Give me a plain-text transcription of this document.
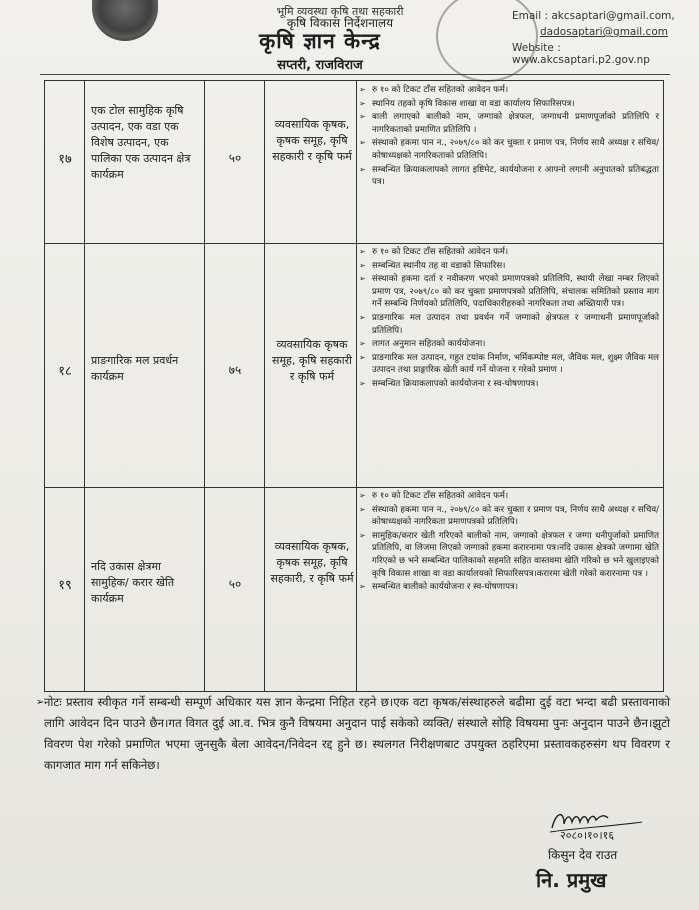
भूमि व्यवस्था कृषि तथा सहकारी
कृषि विकास निर्देशनालय
कृषि ज्ञान केन्द्र
सप्तरी, राजविराज
Email : akcsaptari@gmail.com,
dadosaptari@gmail.com
Website : www.akcsaptari.p2.gov.np
१७
एक टोल सामुहिक कृषि उत्पादन, एक वडा एक विशेष उत्पादन, एक पालिका एक उत्पादन क्षेत्र कार्यक्रम
५०
व्यवसायिक कृषक, कृषक समूह, कृषि सहकारी र कृषि फर्म
➢ रु १० को टिकट टाँस सहितको आवेदन फर्म।
➢ स्थानिय तहको कृषि विकास शाखा वा वडा कार्यालय सिफारिसपत्र।
➢ बाली लगाएको बालीको नाम, जग्गाको क्षेत्रफल, जग्गाधनी प्रमाणपूर्जाको प्रतिलिपि र नागरिकताको प्रमाणित प्रतिलिपि ।
➢ संस्थाको हकमा पान न., २०७९/८० को कर चुक्ता र प्रमाण पत्र, निर्णय साथै अध्यक्ष र सचिव/कोषाध्यक्षको नागरिकताको प्रतिलिपि।
➢ सम्बन्धित क्रियाकलापको लागत इष्टिमेट, कार्ययोजना र आफ्नो लगानी अनुपातको प्रतिबद्धता पत्र।
१८
प्राङगारिक मल प्रवर्धन कार्यक्रम	७५
व्यवसायिक कृषक समूह, कृषि सहकारी र कृषि फर्म
➢ रु १० को टिकट टाँस सहितको आवेदन फर्म।
➢ सम्बन्धित स्थानीय तह वा वडाको सिफारिस।
➢ संस्थाको हकमा दर्ता र नवीकरण भएको प्रमाणपत्रको प्रतिलिपि, स्थायी लेखा नम्बर लिएको प्रमाण पत्र, २०७९/८० को कर चुक्ता प्रमाणपत्रको प्रतिलिपि, संचालक समितिको प्रस्ताव माग गर्ने सम्बन्धि निर्णयको प्रतिलिपि, पदाधिकारीहरुको नागरिकता तथा अख्तियारी पत्र।
➢ प्राङगारिक मल उत्पादन तथा प्रवर्धन गर्ने जग्गाको क्षेत्रफल र जग्गाधनी प्रमाणपूर्जाको प्रतिलिपि।
➢ लागत अनुमान सहितको कार्ययोजना।
➢ प्राङगारिक मल उत्पादन, गहुत टयांक निर्माण, भर्मिकम्पोष्ट मल, जैविक मल, शुक्ष्म जैविक मल उत्पादन तथा प्राङ्गारिक खेती कार्य गर्ने योजना र गरेको प्रमाण ।
➢ सम्बन्धित क्रियाकलापको कार्ययोजना र स्व-घोषणापत्र।
१९
नदि उकास क्षेत्रमा सामुहिक/ करार खेति कार्यक्रम
५०
व्यवसायिक कृषक, कृषक समूह, कृषि सहकारी, र कृषि फर्म
➢ रु १० को टिकट टाँस सहितको आवेदन फर्म।
➢ संस्थाको हकमा पान न., २०७९/८० को कर चुक्ता र प्रमाण पत्र, निर्णय साथै अध्यक्ष र सचिव/कोषाध्यक्षको नागरिकता प्रमाणपत्रको प्रतिलिपि।
➢ सामुहिक/करार खेती गरिएको बालीको नाम, जग्गाको क्षेत्रफल र जग्गा धनीपुर्जाको प्रमाणित प्रतिलिपि, वा लिजमा लिएको जग्गाको हकमा करारनामा पत्र।नदि उकास क्षेत्रको जग्गामा खेति गरिएको छ भने सम्बन्धित पालिकाको सहमति सहित वास्तवमा खेति गरिको छ भने खुलाइएको कृषि विकास शाखा वा वडा कार्यालयको सिफारिसपत्र।करारमा खेती गरेको करारनामा पत्र ।
➢ सम्बन्धित बालीको कार्ययोजना र स्व-घोषणापत्र।
➢ नोटः प्रस्ताव स्वीकृत गर्ने सम्बन्धी सम्पूर्ण अधिकार यस ज्ञान केन्द्रमा निहित रहने छ।एक वटा कृषक/संस्थाहरुले बढीमा दुई वटा भन्दा बढी प्रस्तावनाको लागि आवेदन दिन पाउने छैन।गत विगत दुई आ.व. भित्र कुनै विषयमा अनुदान पाई सकेको व्यक्ति/ संस्थाले सोहि विषयमा पुनः अनुदान पाउने छैन।झुटो विवरण पेश गरेको प्रमाणित भएमा जुनसुकै बेला आवेदन/निवेदन रद्द हुने छ। स्थलगत निरीक्षणबाट उपयुक्त ठहरिएमा प्रस्तावकहरुसंग थप विवरण र कागजात माग गर्न सकिनेछ।
२०८०।१०।१६
किसुन देव राउत
नि. प्रमुख
